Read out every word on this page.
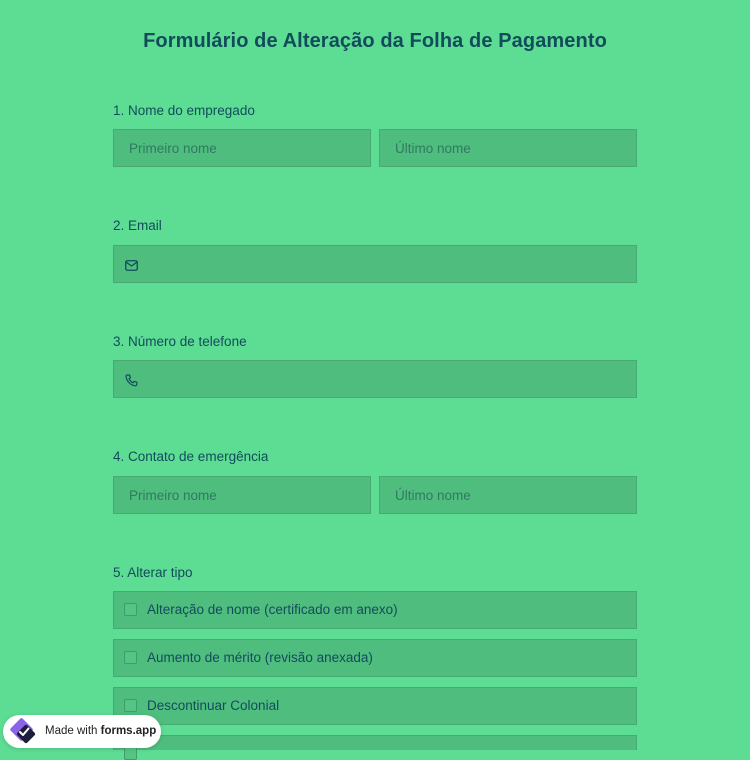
Formulário de Alteração da Folha de Pagamento
1. Nome do empregado
Primeiro nome	Último nome
2. Email
3. Número de telefone
4. Contato de emergência
Primeiro nome	Último nome
5. Alterar tipo
Alteração de nome (certificado em anexo)
Aumento de mérito (revisão anexada)
Descontinuar Colonial
Made with forms.app
